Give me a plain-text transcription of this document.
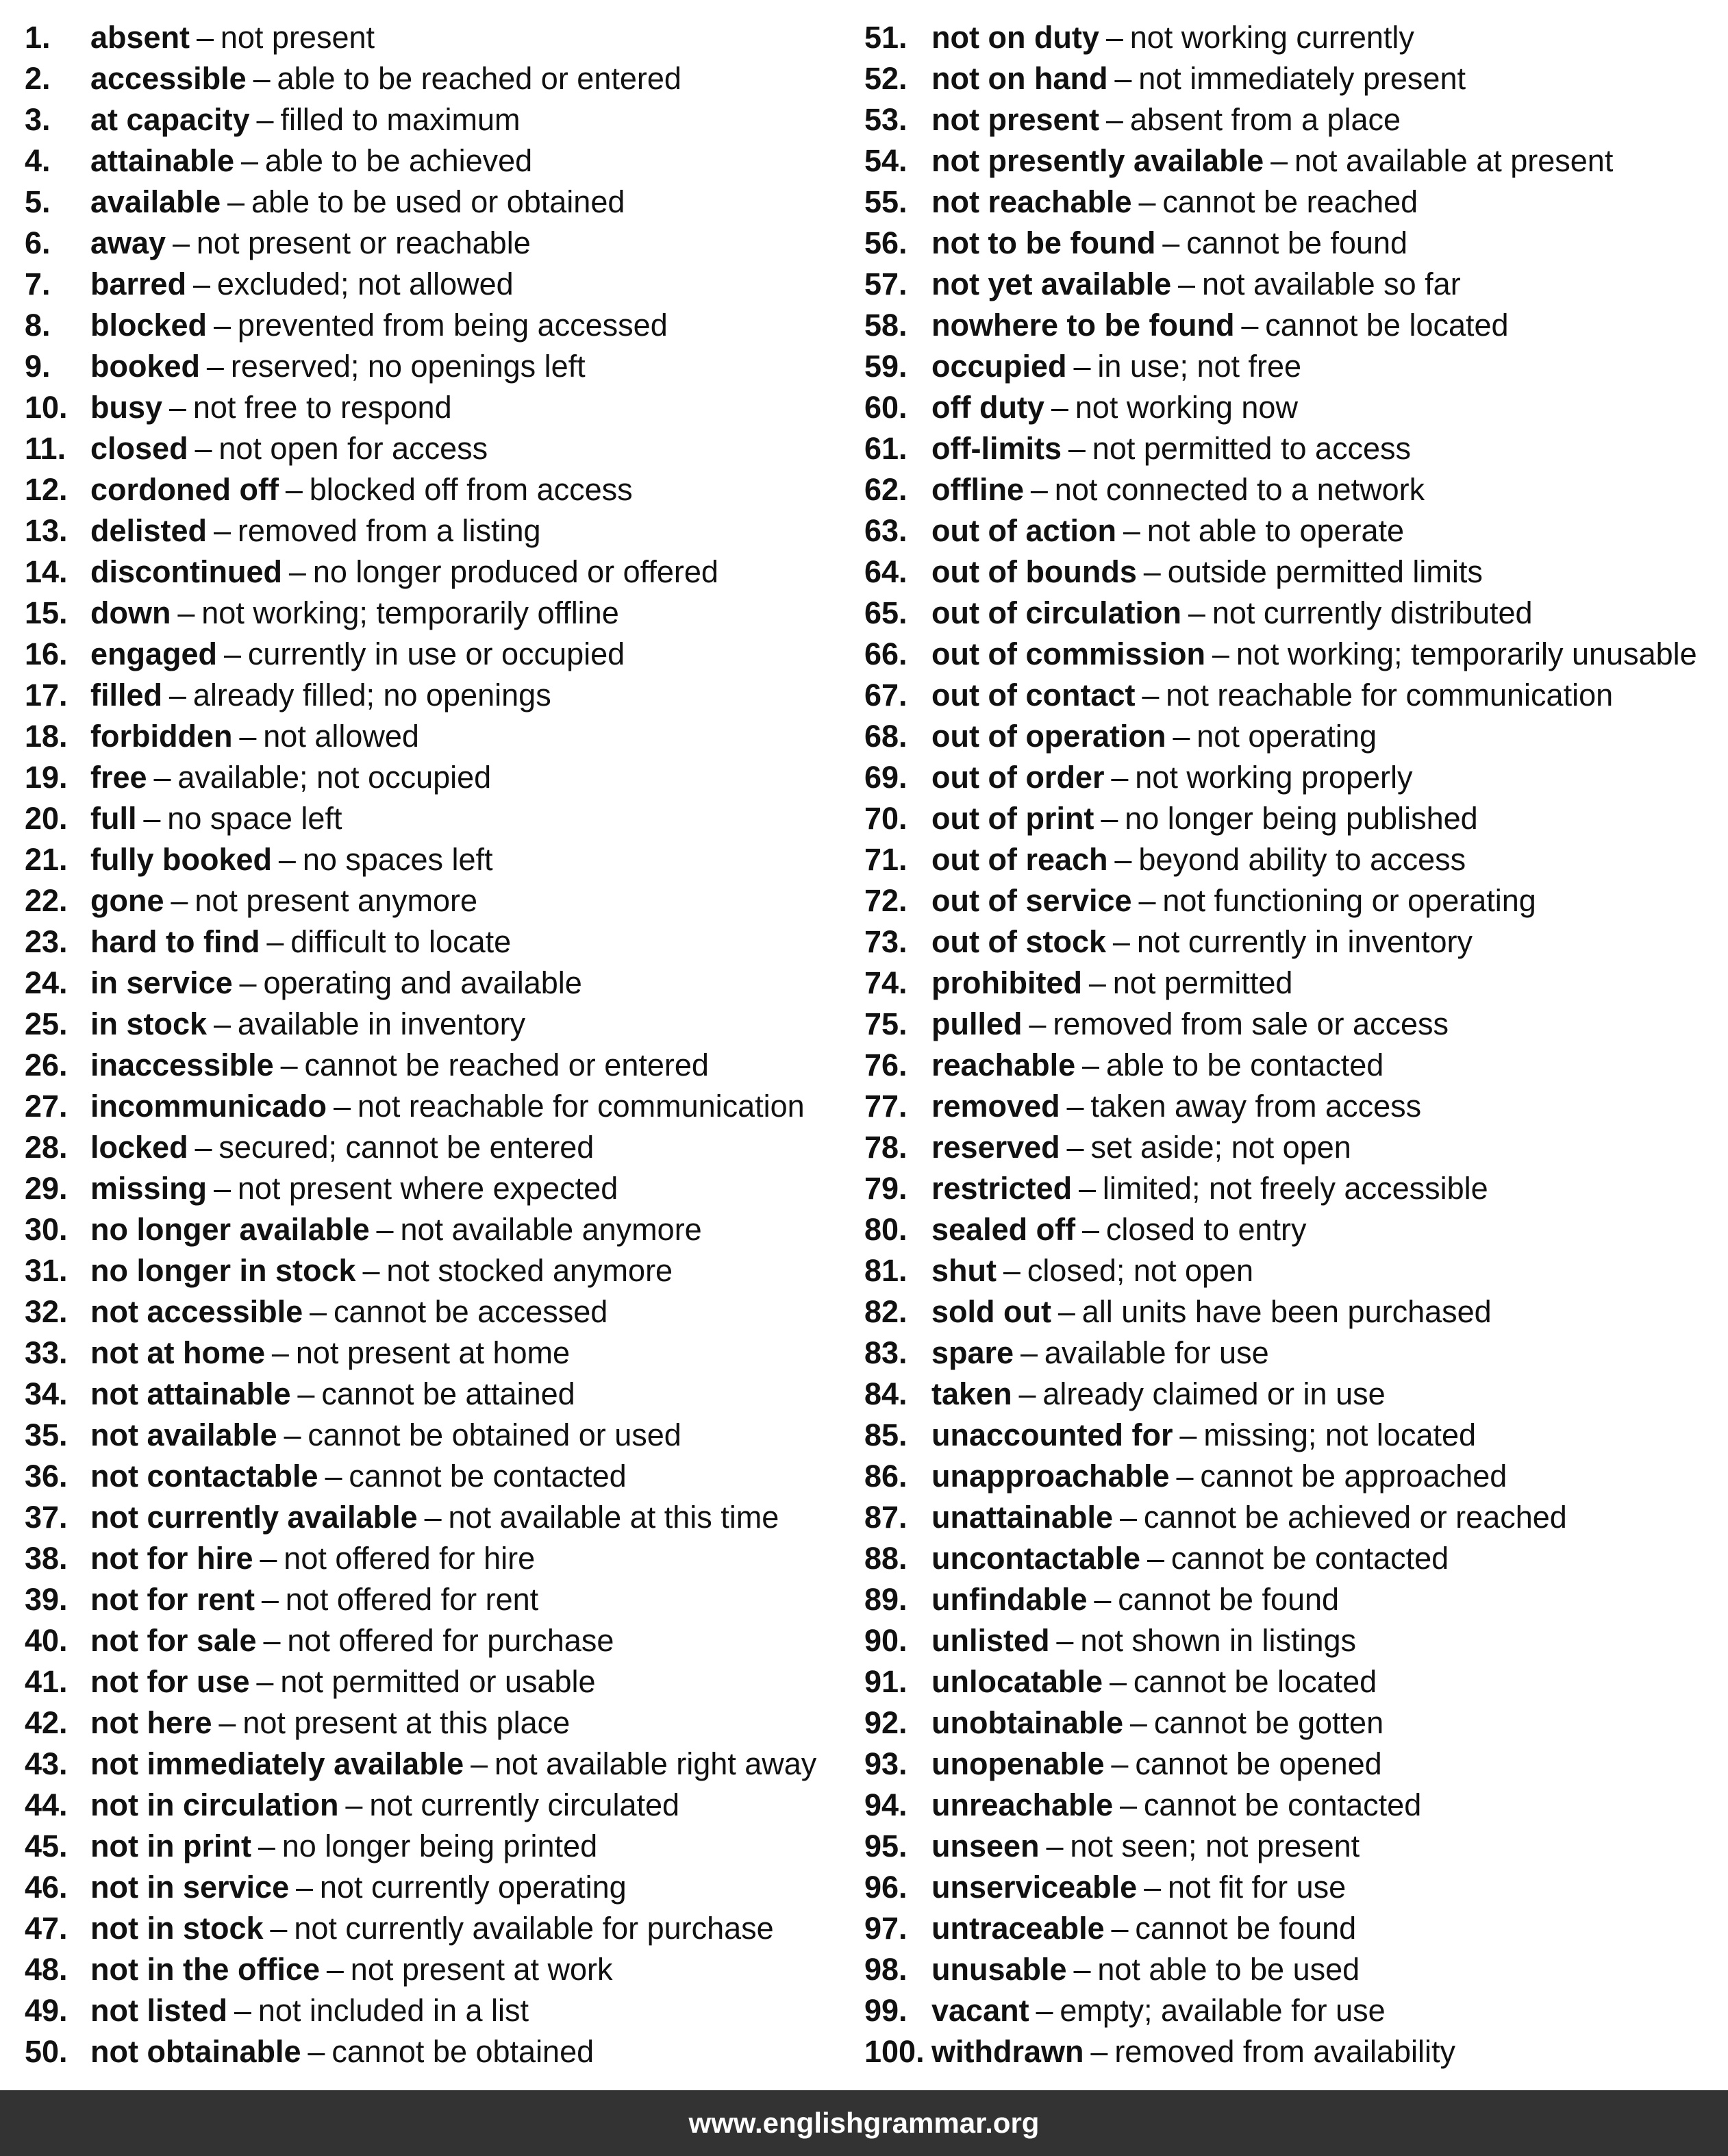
1.	absent – not present
2.	accessible – able to be reached or entered
3.	at capacity – filled to maximum
4.	attainable – able to be achieved
5.	available – able to be used or obtained
6.	away – not present or reachable
7.	barred – excluded; not allowed
8.	blocked – prevented from being accessed
9.	booked – reserved; no openings left
10. busy – not free to respond
11. closed – not open for access
12. cordoned off – blocked off from access
13. delisted – removed from a listing
14. discontinued – no longer produced or offered
15. down – not working; temporarily offline
16. engaged – currently in use or occupied
17. filled – already filled; no openings
18. forbidden – not allowed
19. free – available; not occupied
20. full – no space left
21. fully booked – no spaces left
22. gone – not present anymore
23. hard to find – difficult to locate
24. in service – operating and available
25. in stock – available in inventory
26. inaccessible – cannot be reached or entered
27. incommunicado – not reachable for communication
28. locked – secured; cannot be entered
29. missing – not present where expected
30. no longer available – not available anymore
31. no longer in stock – not stocked anymore
32. not accessible – cannot be accessed
33. not at home – not present at home
34. not attainable – cannot be attained
35. not available – cannot be obtained or used
36. not contactable – cannot be contacted
37. not currently available – not available at this time
38. not for hire – not offered for hire
39. not for rent – not offered for rent
40. not for sale – not offered for purchase
41. not for use – not permitted or usable
42. not here – not present at this place
43. not immediately available – not available right away
44. not in circulation – not currently circulated
45. not in print – no longer being printed
46. not in service – not currently operating
47. not in stock – not currently available for purchase
48. not in the office – not present at work
49. not listed – not included in a list
50. not obtainable – cannot be obtained
51. not on duty – not working currently
52. not on hand – not immediately present
53. not present – absent from a place
54. not presently available – not available at present
55. not reachable – cannot be reached
56. not to be found – cannot be found
57. not yet available – not available so far
58. nowhere to be found – cannot be located
59. occupied – in use; not free
60. off duty – not working now
61. off-limits – not permitted to access
62. offline – not connected to a network
63. out of action – not able to operate
64. out of bounds – outside permitted limits
65. out of circulation – not currently distributed
66. out of commission – not working; temporarily unusable
67. out of contact – not reachable for communication
68. out of operation – not operating
69. out of order – not working properly
70. out of print – no longer being published
71. out of reach – beyond ability to access
72. out of service – not functioning or operating
73. out of stock – not currently in inventory
74. prohibited – not permitted
75. pulled – removed from sale or access
76. reachable – able to be contacted
77. removed – taken away from access
78. reserved – set aside; not open
79. restricted – limited; not freely accessible
80. sealed off – closed to entry
81. shut – closed; not open
82. sold out – all units have been purchased
83. spare – available for use
84. taken – already claimed or in use
85. unaccounted for – missing; not located
86. unapproachable – cannot be approached
87. unattainable – cannot be achieved or reached
88. uncontactable – cannot be contacted
89. unfindable – cannot be found
90. unlisted – not shown in listings
91. unlocatable – cannot be located
92. unobtainable – cannot be gotten
93. unopenable – cannot be opened
94. unreachable – cannot be contacted
95. unseen – not seen; not present
96. unserviceable – not fit for use
97. untraceable – cannot be found
98. unusable – not able to be used
99. vacant – empty; available for use
100. withdrawn – removed from availability
www.englishgrammar.org
